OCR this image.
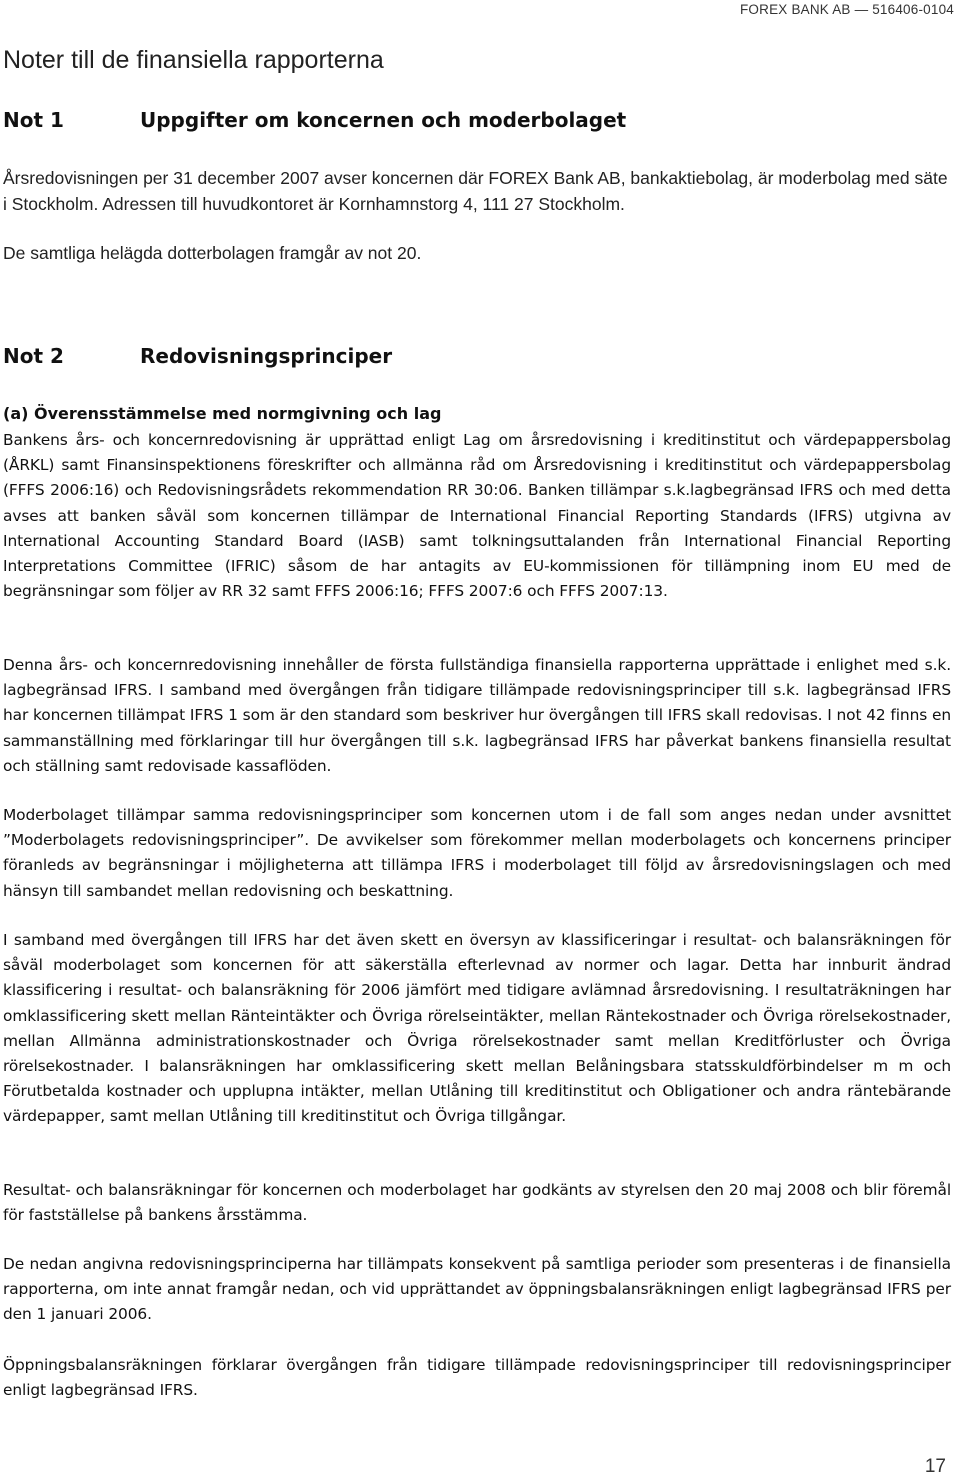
FOREX BANK AB — 516406-0104
Noter till de finansiella rapporterna
Not 1	Uppgifter om koncernen och moderbolaget

Årsredovisningen per 31 december 2007 avser koncernen där FOREX Bank AB, bankaktiebolag, är moderbolag med säte i Stockholm. Adressen till huvudkontoret är Kornhamnstorg 4, 111 27 Stockholm.

De samtliga helägda dotterbolagen framgår av not 20.

Not 2	Redovisningsprinciper
(a) Överensstämmelse med normgivning och lag

Bankens års- och koncernredovisning är upprättad enligt Lag om årsredovisning i kreditinstitut och värdepappersbolag (ÅRKL) samt Finansinspektionens föreskrifter och allmänna råd om Årsredovisning i kreditinstitut och värdepappersbolag (FFFS 2006:16) och Redovisningsrådets rekommendation RR 30:06. Banken tillämpar s.k.lagbegränsad IFRS och med detta avses att banken såväl som koncernen tillämpar de International Financial Reporting Standards (IFRS) utgivna av International Accounting Standard Board (IASB) samt tolkningsuttalanden från International Financial Reporting Interpretations Committee (IFRIC) såsom de har antagits av EU-kommissionen för tillämpning inom EU med de begränsningar som följer av RR 32 samt FFFS 2006:16; FFFS 2007:6 och FFFS 2007:13.

Denna års- och koncernredovisning innehåller de första fullständiga finansiella rapporterna upprättade i enlighet med s.k. lagbegränsad IFRS. I samband med övergången från tidigare tillämpade redovisningsprinciper till s.k. lagbegränsad IFRS har koncernen tillämpat IFRS 1 som är den standard som beskriver hur övergången till IFRS skall redovisas. I not 42 finns en sammanställning med förklaringar till hur övergången till s.k. lagbegränsad IFRS har påverkat bankens finansiella resultat och ställning samt redovisade kassaflöden.

Moderbolaget tillämpar samma redovisningsprinciper som koncernen utom i de fall som anges nedan under avsnittet ”Moderbolagets redovisningsprinciper”. De avvikelser som förekommer mellan moderbolagets och koncernens principer föranleds av begränsningar i möjligheterna att tillämpa IFRS i moderbolaget till följd av årsredovisningslagen och med hänsyn till sambandet mellan redovisning och beskattning.

I samband med övergången till IFRS har det även skett en översyn av klassificeringar i resultat- och balansräkningen för såväl moderbolaget som koncernen för att säkerställa efterlevnad av normer och lagar. Detta har innburit ändrad klassificering i resultat- och balansräkning för 2006 jämfört med tidigare avlämnad årsredovisning. I resultaträkningen har omklassificering skett mellan Ränteintäkter och Övriga rörelseintäkter, mellan Räntekostnader och Övriga rörelsekostnader, mellan Allmänna administrationskostnader och Övriga rörelsekostnader samt mellan Kreditförluster och Övriga rörelsekostnader. I balansräkningen har omklassificering skett mellan Belåningsbara statsskuldförbindelser m m och Förutbetalda kostnader och upplupna intäkter, mellan Utlåning till kreditinstitut och Obligationer och andra räntebärande värdepapper, samt mellan Utlåning till kreditinstitut och Övriga tillgångar.

Resultat- och balansräkningar för koncernen och moderbolaget har godkänts av styrelsen den 20 maj 2008 och blir föremål för fastställelse på bankens årsstämma.

De nedan angivna redovisningsprinciperna har tillämpats konsekvent på samtliga perioder som presenteras i de finansiella rapporterna, om inte annat framgår nedan, och vid upprättandet av öppningsbalansräkningen enligt lagbegränsad IFRS per den 1 januari 2006.

Öppningsbalansräkningen förklarar övergången från tidigare tillämpade redovisningsprinciper till redovisningsprinciper enligt lagbegränsad IFRS.

17
